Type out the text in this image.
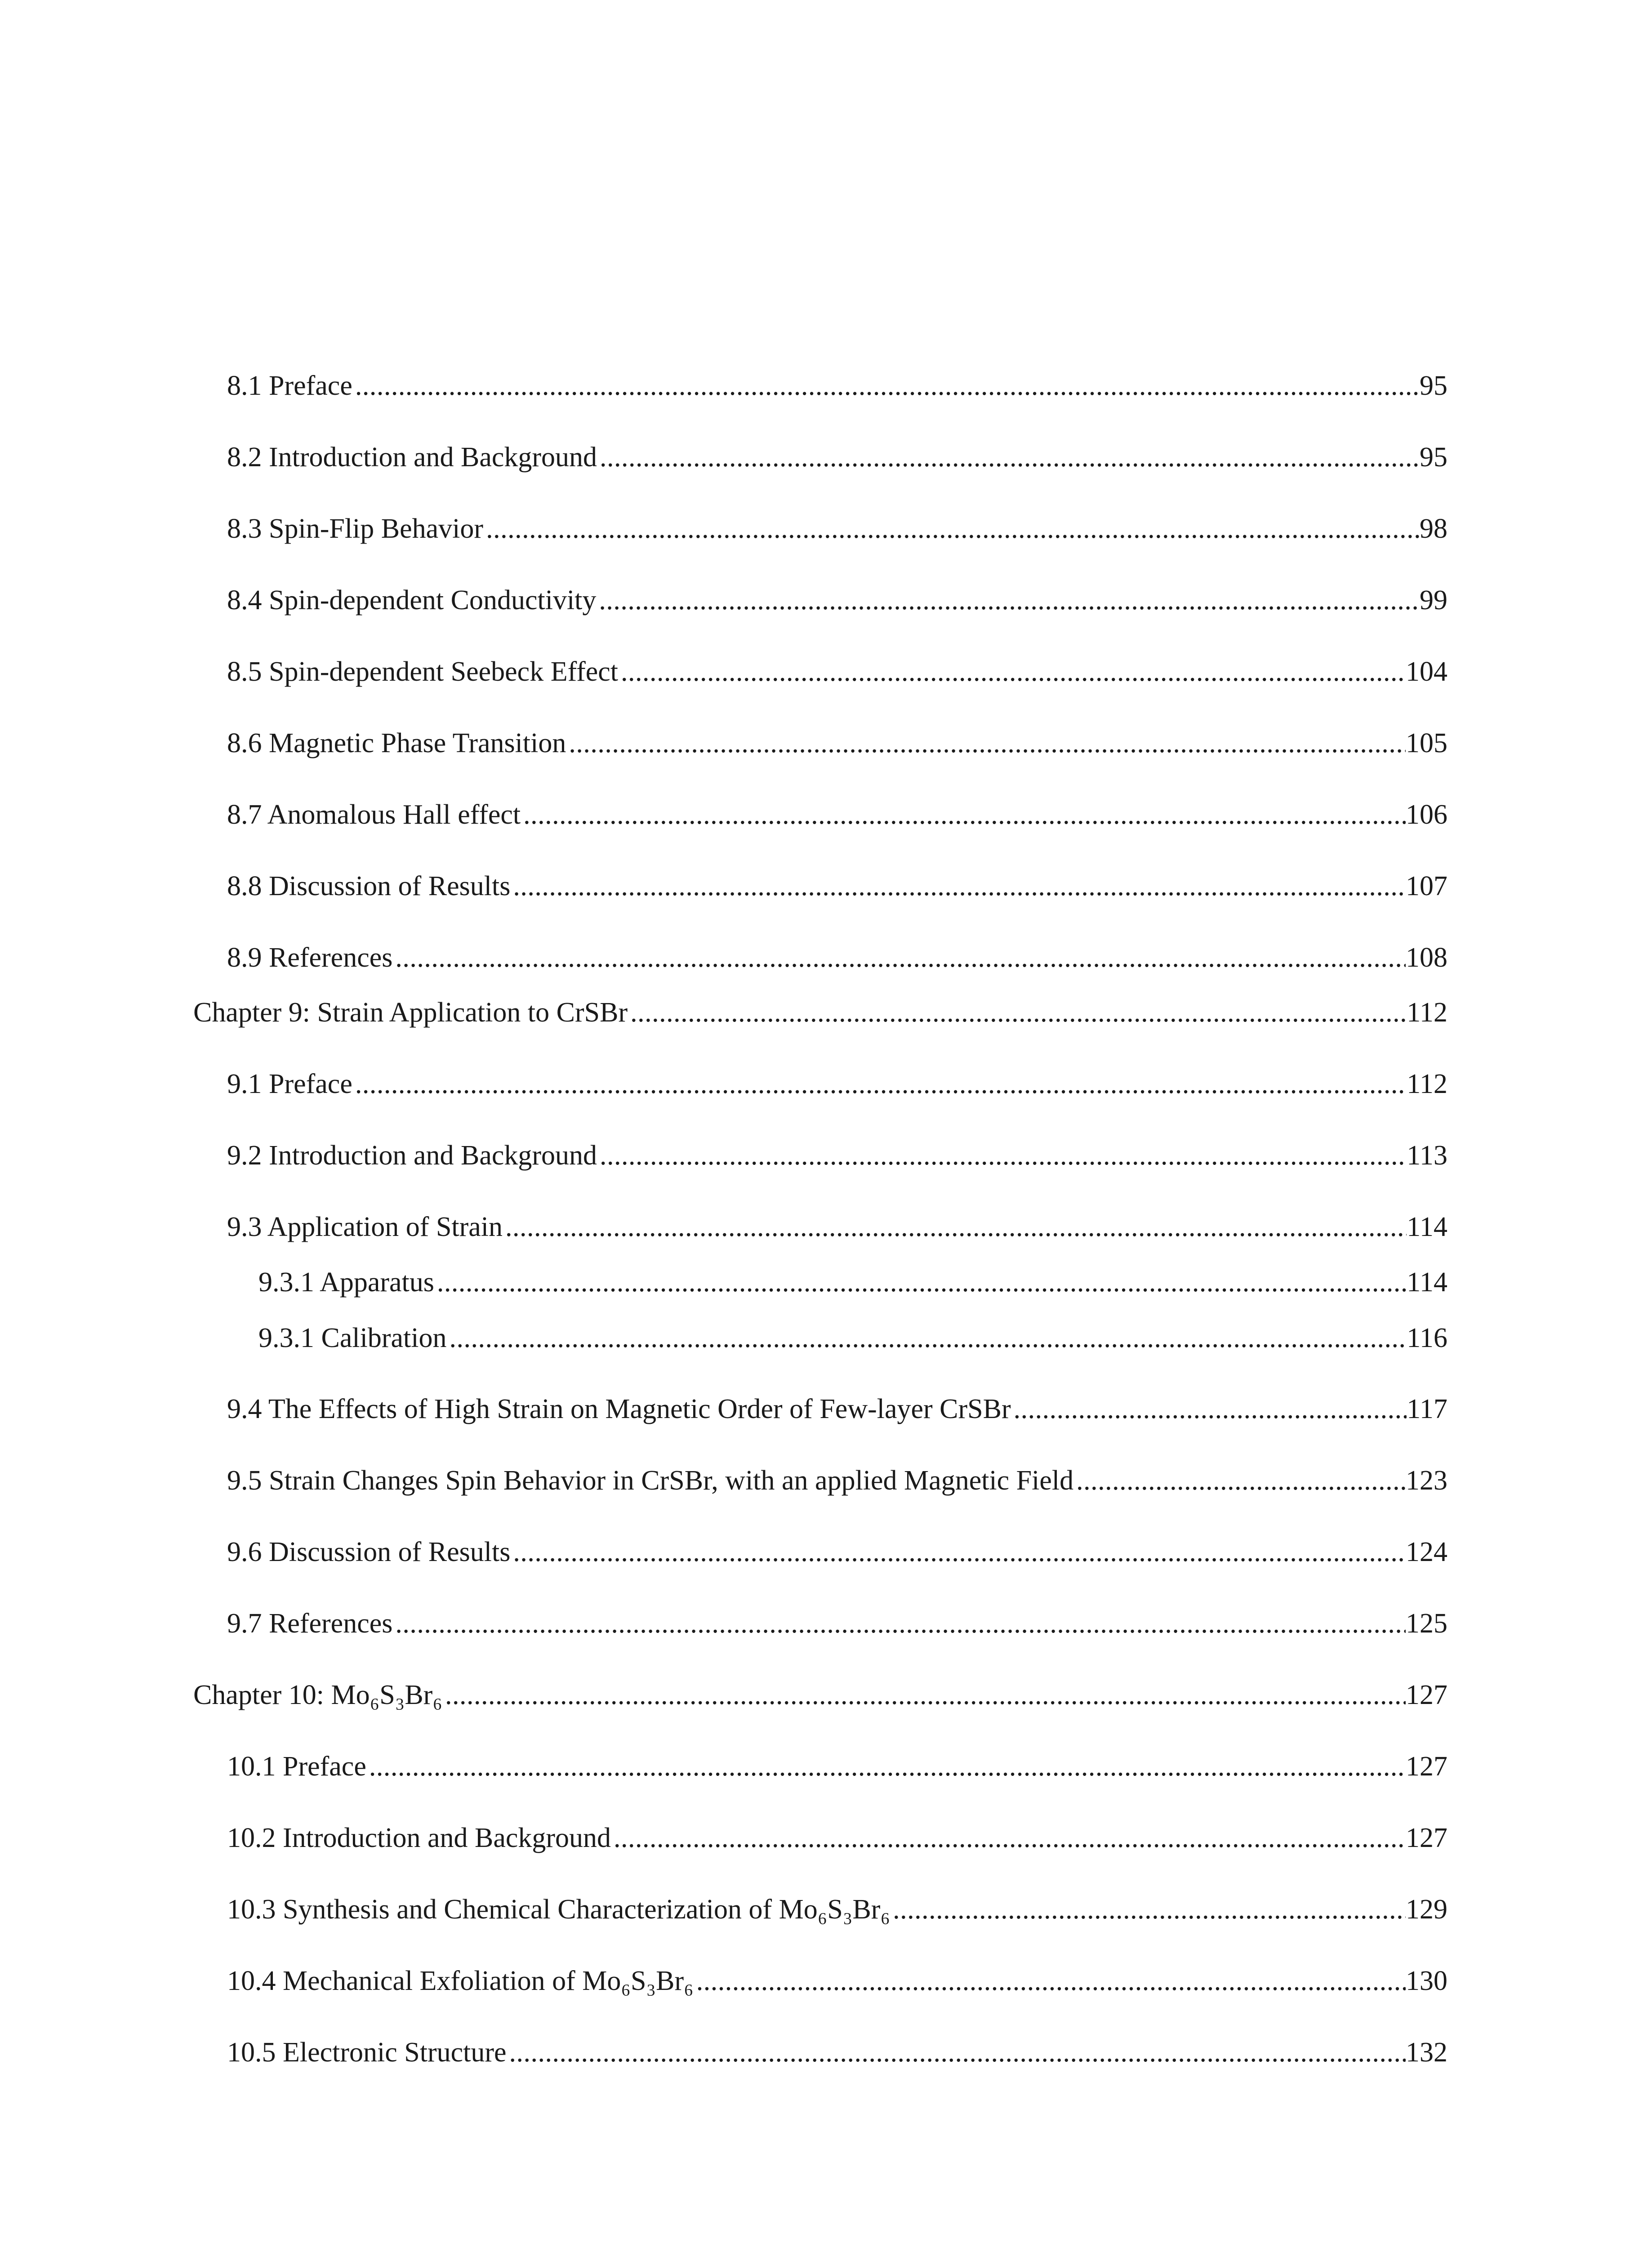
8.1 Preface .....	95
8.2 Introduction and Background .....	95
8.3 Spin-Flip Behavior .....	98
8.4 Spin-dependent Conductivity .....	99
8.5 Spin-dependent Seebeck Effect .....	104
8.6 Magnetic Phase Transition .....	105
8.7 Anomalous Hall effect .....	106
8.8 Discussion of Results .....	107
8.9 References .....	108
Chapter 9: Strain Application to CrSBr .....	112
9.1 Preface .....	112
9.2 Introduction and Background .....	113
9.3 Application of Strain .....	114
9.3.1 Apparatus .....	114
9.3.1 Calibration .....	116
9.4 The Effects of High Strain on Magnetic Order of Few-layer CrSBr .....	117
9.5 Strain Changes Spin Behavior in CrSBr, with an applied Magnetic Field .....	123
9.6 Discussion of Results .....	124
9.7 References .....	125
Chapter 10: Mo₆S₃Br₆ .....	127
10.1 Preface .....	127
10.2 Introduction and Background .....	127
10.3 Synthesis and Chemical Characterization of Mo₆S₃Br₆ .....	129
10.4 Mechanical Exfoliation of Mo₆S₃Br₆ .....	130
10.5 Electronic Structure .....	132
